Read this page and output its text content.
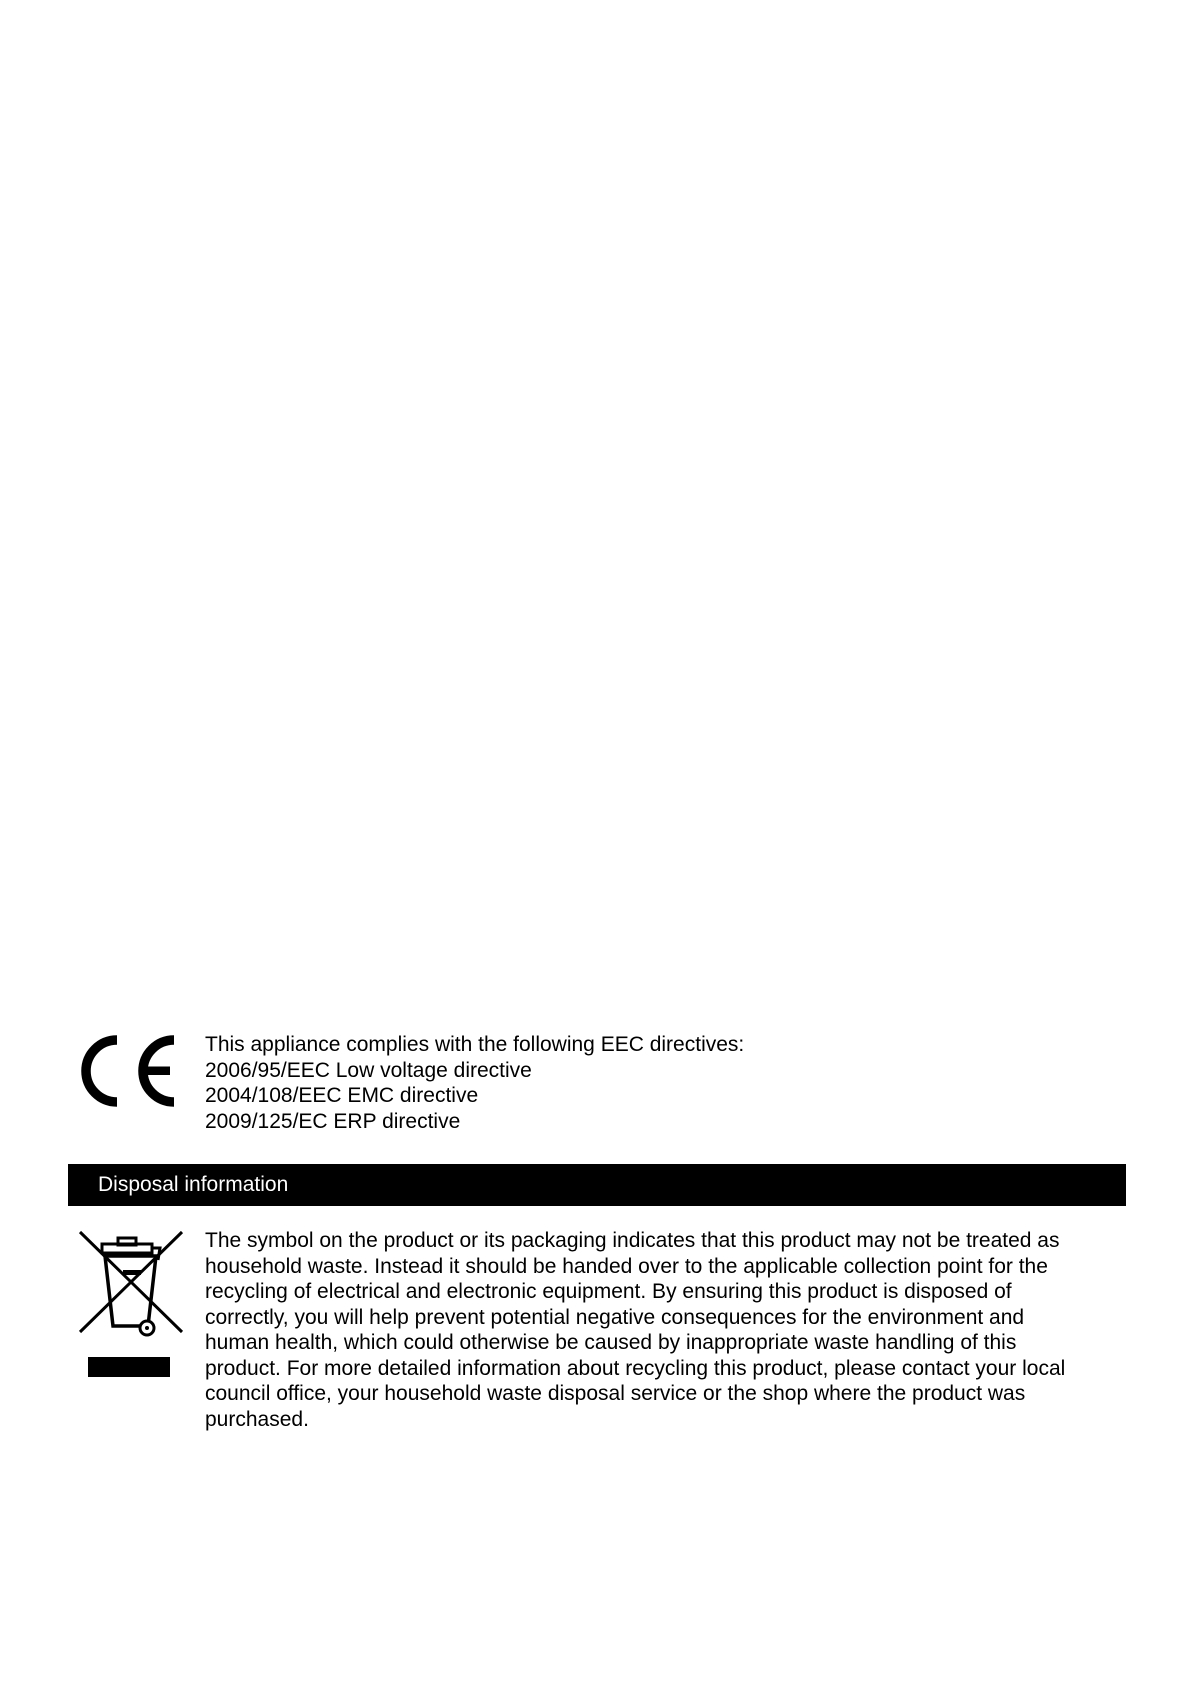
This appliance complies with the following EEC directives:
2006/95/EEC Low voltage directive
2004/108/EEC EMC directive
2009/125/EC ERP directive
Disposal information
The symbol on the product or its packaging indicates that this product may not be treated as
household waste. Instead it should be handed over to the applicable collection point for the
recycling of electrical and electronic equipment. By ensuring this product is disposed of
correctly, you will help prevent potential negative consequences for the environment and
human health, which could otherwise be caused by inappropriate waste handling of this
product. For more detailed information about recycling this product, please contact your local
council office, your household waste disposal service or the shop where the product was
purchased.
